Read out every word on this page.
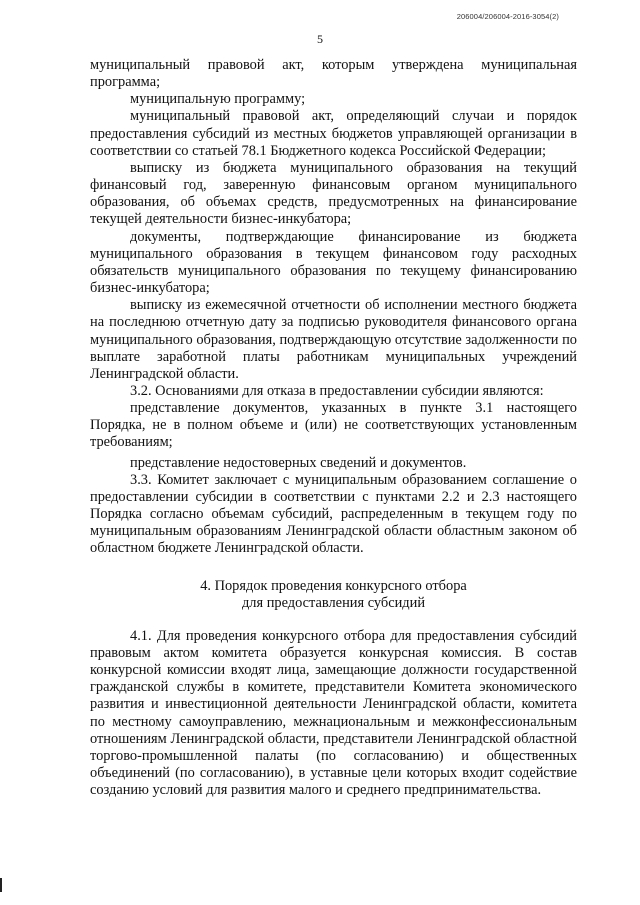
206004/206004-2016-3054(2)
5

муниципальный правовой акт, которым утверждена муниципальная программа;

муниципальную программу;

муниципальный правовой акт, определяющий случаи и порядок предоставления субсидий из местных бюджетов управляющей организации в соответствии со статьей 78.1 Бюджетного кодекса Российской Федерации;

выписку из бюджета муниципального образования на текущий финансовый год, заверенную финансовым органом муниципального образования, об объемах средств, предусмотренных на финансирование текущей деятельности бизнес-инкубатора;

документы, подтверждающие финансирование из бюджета муниципального образования в текущем финансовом году расходных обязательств муниципального образования по текущему финансированию бизнес-инкубатора;

выписку из ежемесячной отчетности об исполнении местного бюджета на последнюю отчетную дату за подписью руководителя финансового органа муниципального образования, подтверждающую отсутствие задолженности по выплате заработной платы работникам муниципальных учреждений Ленинградской области.

3.2. Основаниями для отказа в предоставлении субсидии являются:

представление документов, указанных в пункте 3.1 настоящего Порядка, не в полном объеме и (или) не соответствующих установленным требованиям;

представление недостоверных сведений и документов.

3.3. Комитет заключает с муниципальным образованием соглашение о предоставлении субсидии в соответствии с пунктами 2.2 и 2.3 настоящего Порядка согласно объемам субсидий, распределенным в текущем году по муниципальным образованиям Ленинградской области областным законом об областном бюджете Ленинградской области.

4. Порядок проведения конкурсного отбора
для предоставления субсидий

4.1. Для проведения конкурсного отбора для предоставления субсидий правовым актом комитета образуется конкурсная комиссия. В состав конкурсной комиссии входят лица, замещающие должности государственной гражданской службы в комитете, представители Комитета экономического развития и инвестиционной деятельности Ленинградской области, комитета по местному самоуправлению, межнациональным и межконфессиональным отношениям Ленинградской области, представители Ленинградской областной торгово-промышленной палаты (по согласованию) и общественных объединений (по согласованию), в уставные цели которых входит содействие созданию условий для развития малого и среднего предпринимательства.
